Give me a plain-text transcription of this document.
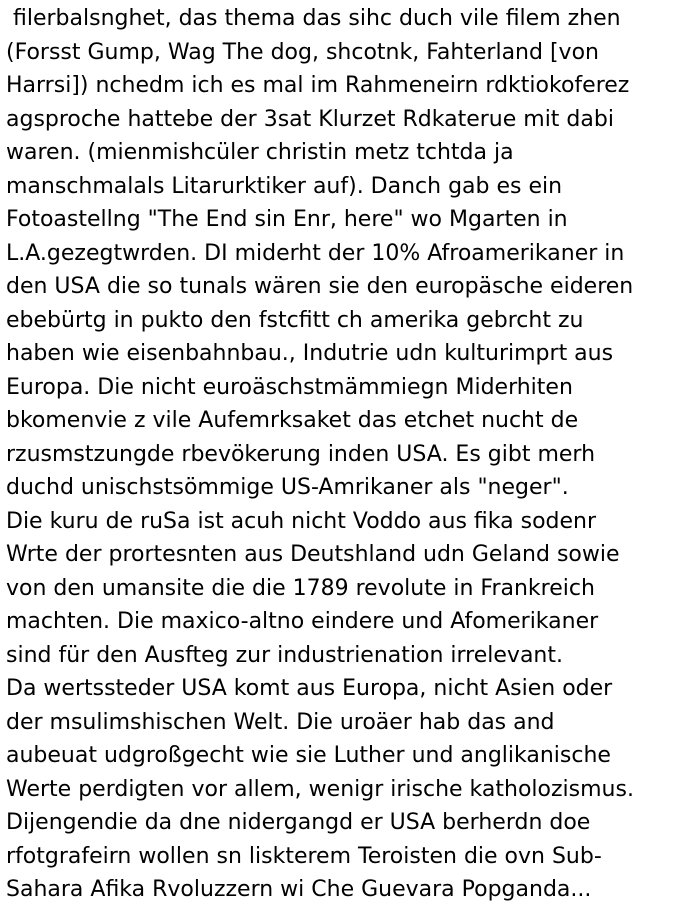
filerbalsnghet, das thema das sihc duch vile filem zhen
(Forsst Gump, Wag The dog, shcotnk, Fahterland [von
Harrsi]) nchedm ich es mal im Rahmeneirn rdktiokoferez
agsproche hattebe der 3sat Klurzet Rdkaterue mit dabi
waren. (mienmishcüler christin metz tchtda ja
manschmalals Litarurktiker auf). Danch gab es ein
Fotoastellng "The End sin Enr, here" wo Mgarten in
L.A.gezegtwrden. DI miderht der 10% Afroamerikaner in
den USA die so tunals wären sie den europäsche eideren
ebebürtg in pukto den fstcfitt ch amerika gebrcht zu
haben wie eisenbahnbau., Indutrie udn kulturimprt aus
Europa. Die nicht euroäschstmämmiegn Miderhiten
bkomenvie z vile Aufemrksaket das etchet nucht de
rzusmstzungde rbevökerung inden USA. Es gibt merh
duchd unischstsömmige US-Amrikaner als "neger".
Die kuru de ruSa ist acuh nicht Voddo aus fika sodenr
Wrte der prortesnten aus Deutshland udn Geland sowie
von den umansite die die 1789 revolute in Frankreich
machten. Die maxico-altno eindere und Afomerikaner
sind für den Ausfteg zur industrienation irrelevant.
Da wertssteder USA komt aus Europa, nicht Asien oder
der msulimshischen Welt. Die uroäer hab das and
aubeuat udgroßgecht wie sie Luther und anglikanische
Werte perdigten vor allem, wenigr irische katholozismus.
Dijengendie da dne nidergangd er USA berherdn doe
rfotgrafeirn wollen sn liskterem Teroisten die ovn Sub-
Sahara Afika Rvoluzzern wi Che Guevara Popganda...
